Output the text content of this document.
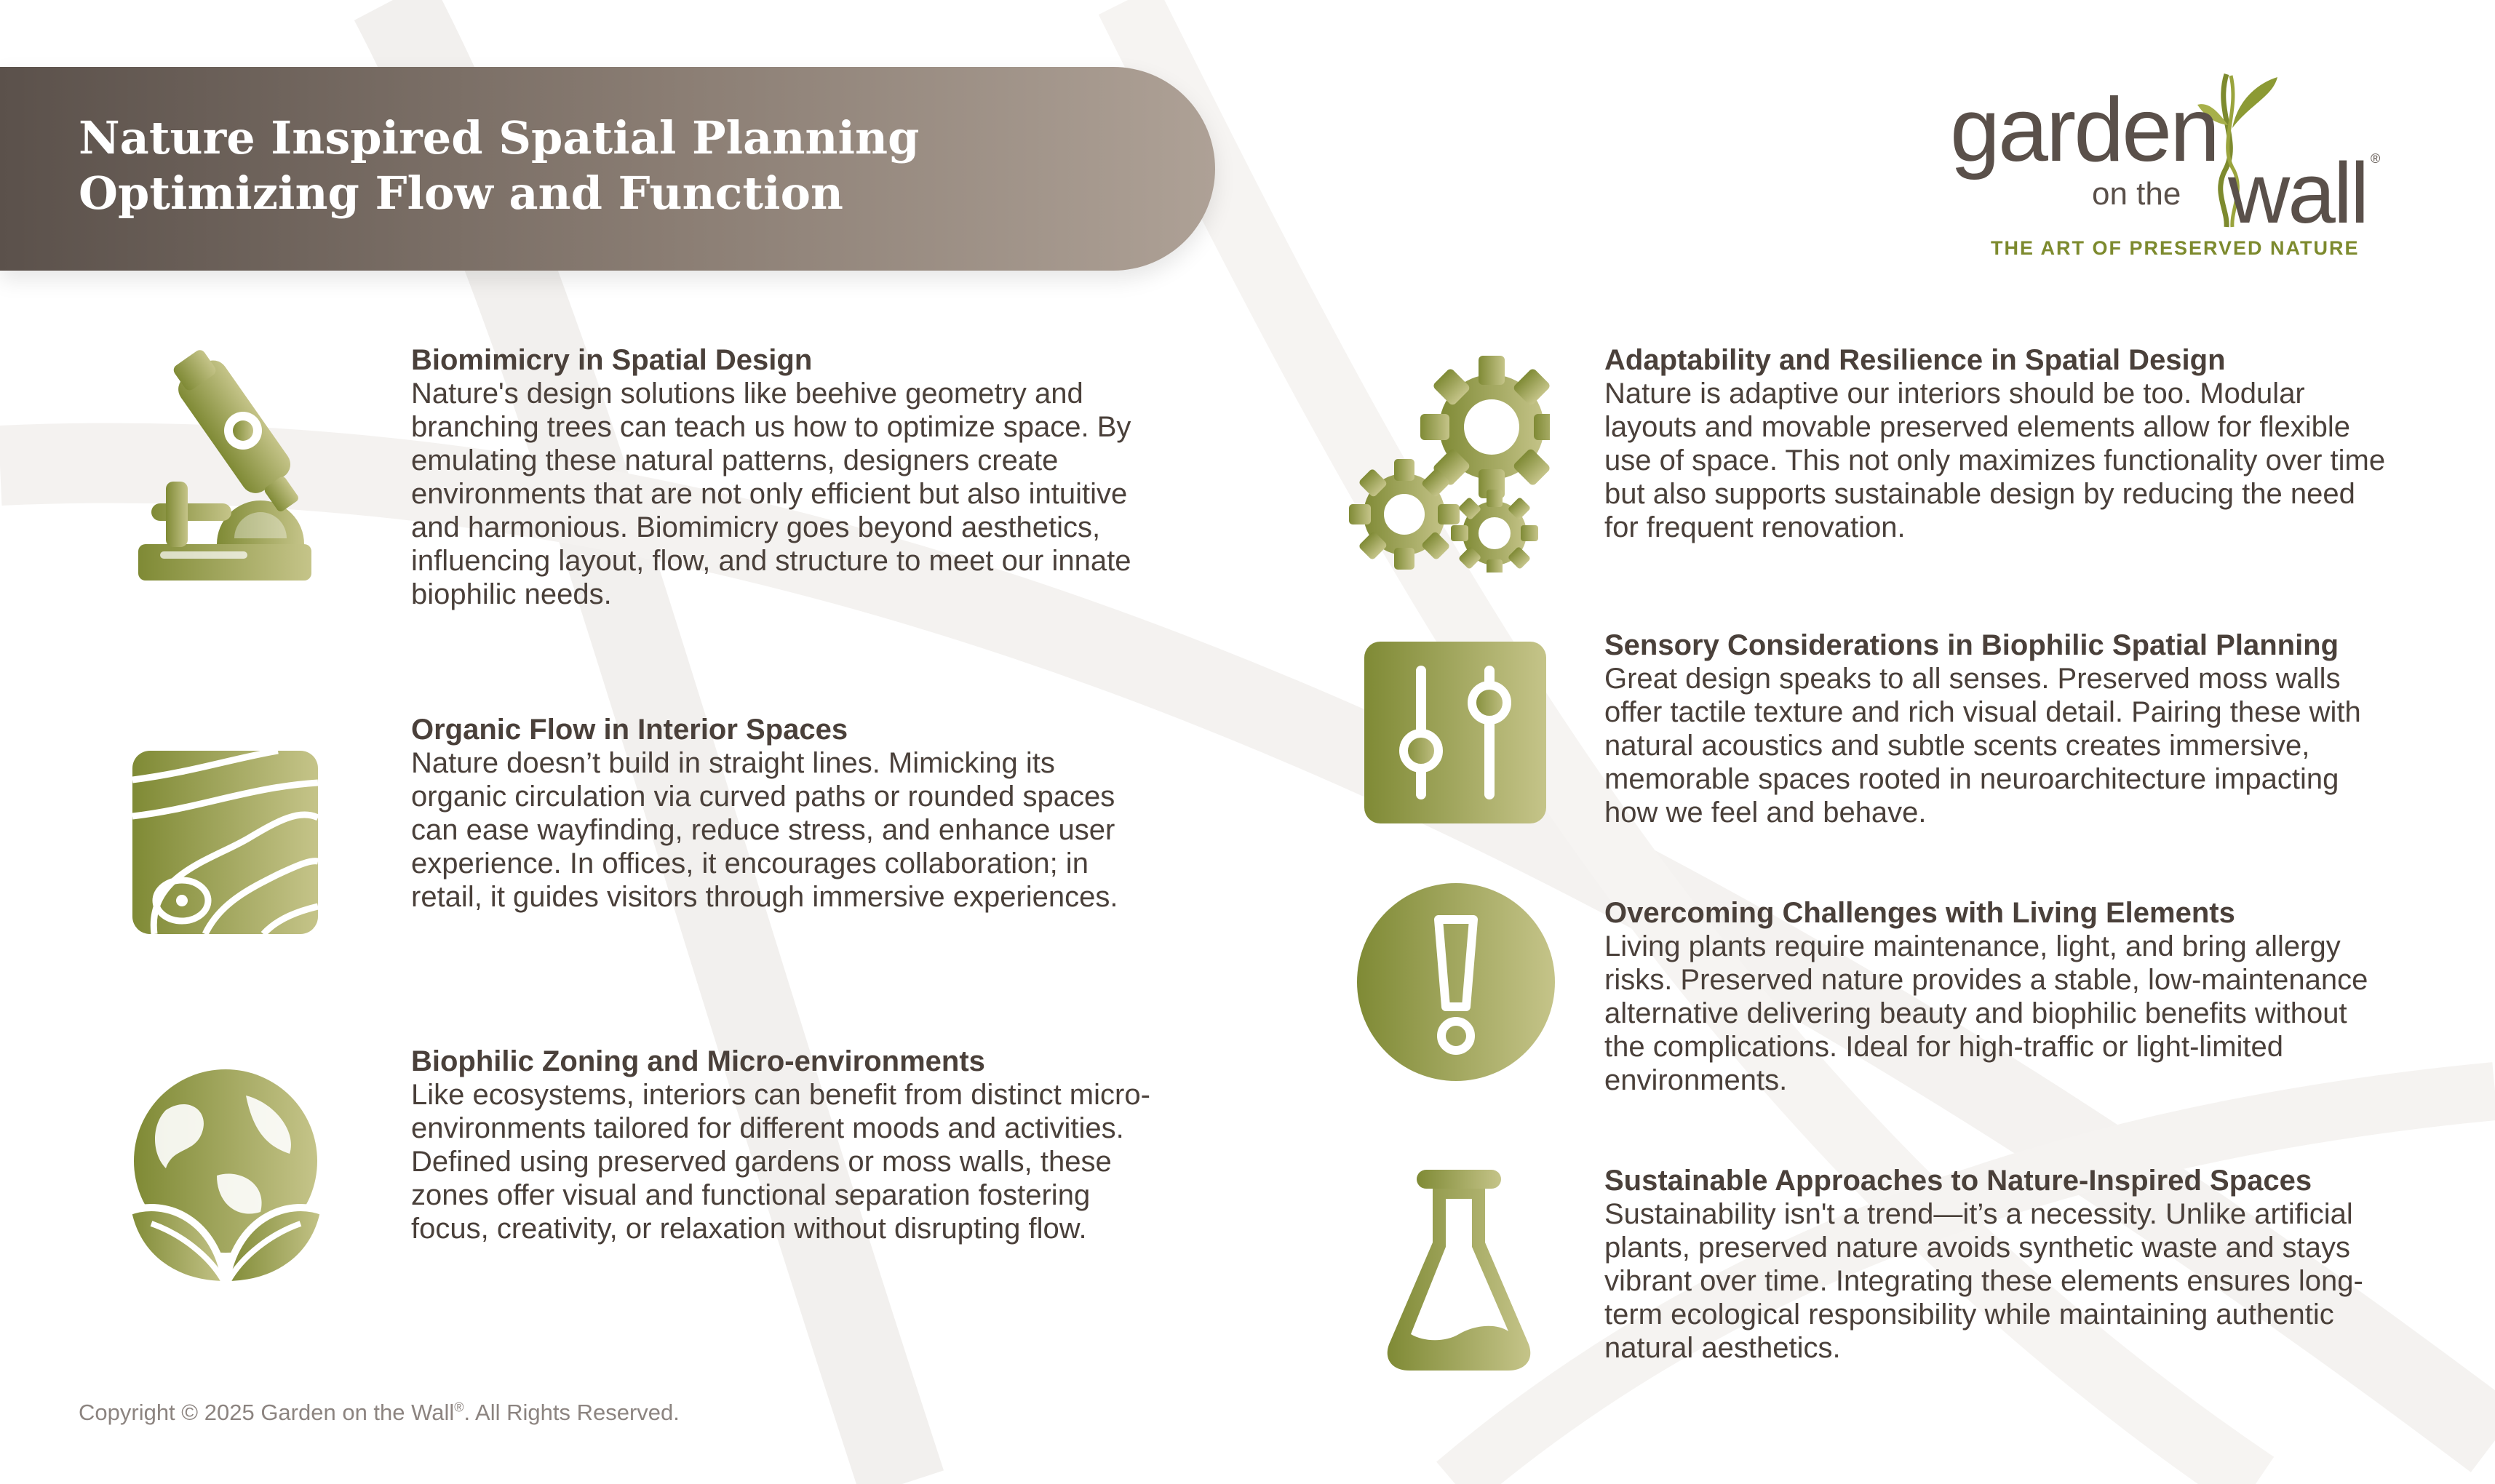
Nature Inspired Spatial Planning Optimizing Flow and Function
garden
on the wall ®
THE ART OF PRESERVED NATURE

Biomimicry in Spatial Design

Nature's design solutions like beehive geometry and branching trees can teach us how to optimize space. By emulating these natural patterns, designers create environments that are not only efficient but also intuitive and harmonious. Biomimicry goes beyond aesthetics, influencing layout, flow, and structure to meet our innate biophilic needs.

Organic Flow in Interior Spaces

Nature doesn’t build in straight lines. Mimicking its organic circulation via curved paths or rounded spaces can ease wayfinding, reduce stress, and enhance user experience. In offices, it encourages collaboration; in retail, it guides visitors through immersive experiences.

Biophilic Zoning and Micro-environments

Like ecosystems, interiors can benefit from distinct micro-environments tailored for different moods and activities. Defined using preserved gardens or moss walls, these zones offer visual and functional separation fostering focus, creativity, or relaxation without disrupting flow.

Adaptability and Resilience in Spatial Design

Nature is adaptive our interiors should be too. Modular layouts and movable preserved elements allow for flexible use of space. This not only maximizes functionality over time but also supports sustainable design by reducing the need for frequent renovation.

Sensory Considerations in Biophilic Spatial Planning

Great design speaks to all senses. Preserved moss walls offer tactile texture and rich visual detail. Pairing these with natural acoustics and subtle scents creates immersive, memorable spaces rooted in neuroarchitecture impacting how we feel and behave.

Overcoming Challenges with Living Elements

Living plants require maintenance, light, and bring allergy risks. Preserved nature provides a stable, low-maintenance alternative delivering beauty and biophilic benefits without the complications. Ideal for high-traffic or light-limited environments.

Sustainable Approaches to Nature-Inspired Spaces

Sustainability isn't a trend—it’s a necessity. Unlike artificial plants, preserved nature avoids synthetic waste and stays vibrant over time. Integrating these elements ensures long-term ecological responsibility while maintaining authentic natural aesthetics.

Copyright © 2025 Garden on the Wall®. All Rights Reserved.
